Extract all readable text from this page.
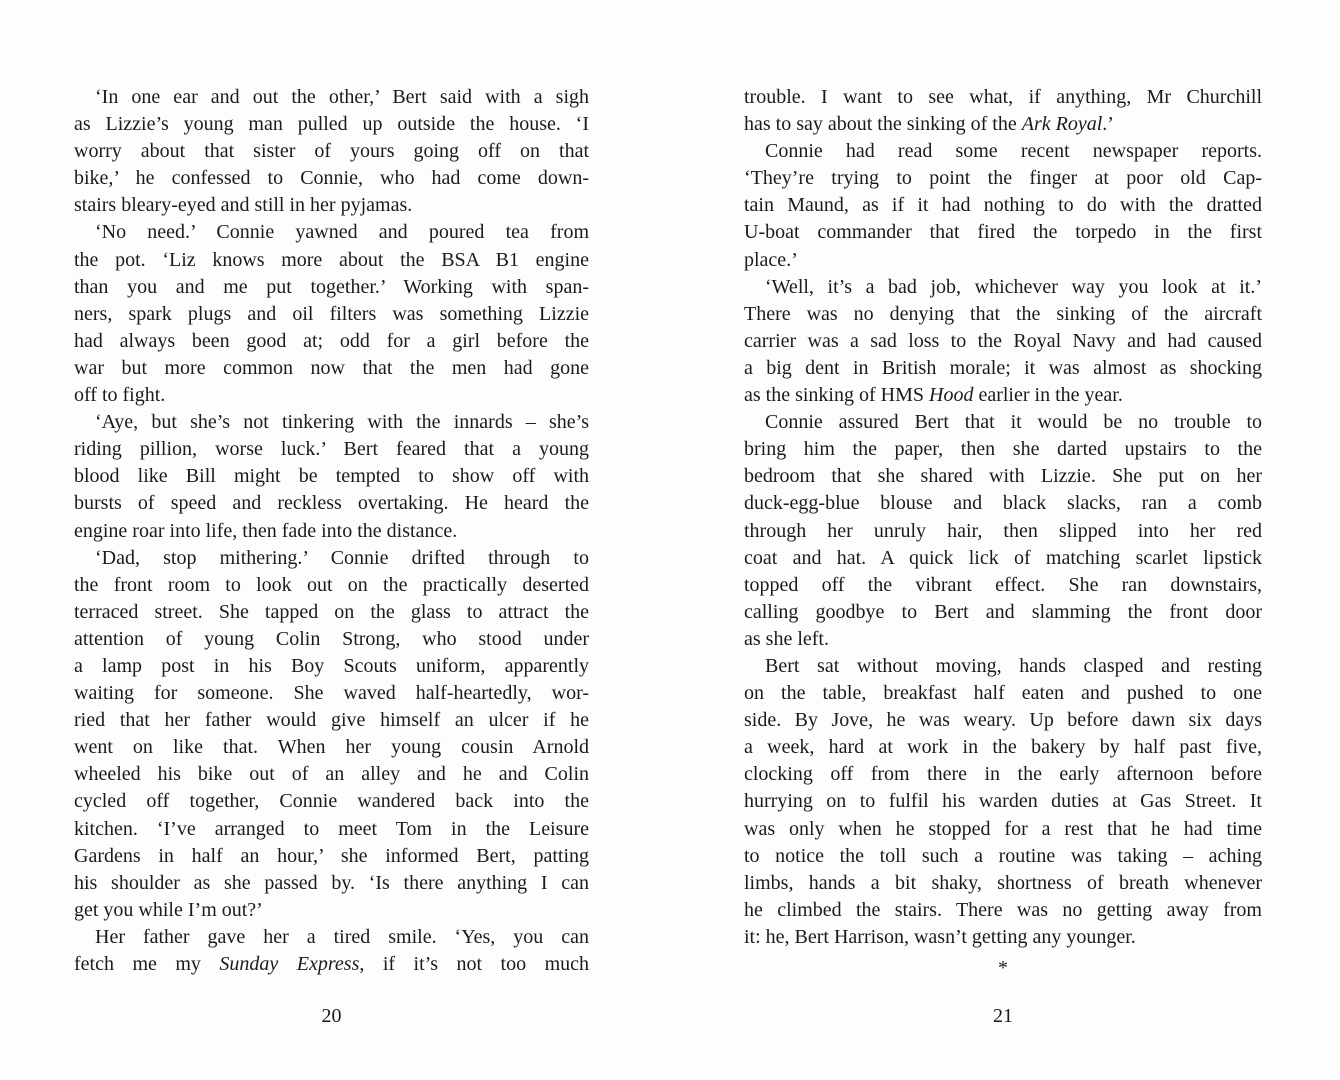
‘In one ear and out the other,’ Bert said with a sigh
as Lizzie’s young man pulled up outside the house. ‘I
worry about that sister of yours going off on that
bike,’ he confessed to Connie, who had come down-
stairs bleary-eyed and still in her pyjamas.
‘No need.’ Connie yawned and poured tea from
the pot. ‘Liz knows more about the BSA B1 engine
than you and me put together.’ Working with span-
ners, spark plugs and oil filters was something Lizzie
had always been good at; odd for a girl before the
war but more common now that the men had gone
off to fight.
‘Aye, but she’s not tinkering with the innards – she’s
riding pillion, worse luck.’ Bert feared that a young
blood like Bill might be tempted to show off with
bursts of speed and reckless overtaking. He heard the
engine roar into life, then fade into the distance.
‘Dad, stop mithering.’ Connie drifted through to
the front room to look out on the practically deserted
terraced street. She tapped on the glass to attract the
attention of young Colin Strong, who stood under
a lamp post in his Boy Scouts uniform, apparently
waiting for someone. She waved half-heartedly, wor-
ried that her father would give himself an ulcer if he
went on like that. When her young cousin Arnold
wheeled his bike out of an alley and he and Colin
cycled off together, Connie wandered back into the
kitchen. ‘I’ve arranged to meet Tom in the Leisure
Gardens in half an hour,’ she informed Bert, patting
his shoulder as she passed by. ‘Is there anything I can
get you while I’m out?’
Her father gave her a tired smile. ‘Yes, you can
fetch me my Sunday Express, if it’s not too much
20
trouble. I want to see what, if anything, Mr Churchill
has to say about the sinking of the Ark Royal.’
Connie had read some recent newspaper reports.
‘They’re trying to point the finger at poor old Cap-
tain Maund, as if it had nothing to do with the dratted
U-boat commander that fired the torpedo in the first
place.’
‘Well, it’s a bad job, whichever way you look at it.’
There was no denying that the sinking of the aircraft
carrier was a sad loss to the Royal Navy and had caused
a big dent in British morale; it was almost as shocking
as the sinking of HMS Hood earlier in the year.
Connie assured Bert that it would be no trouble to
bring him the paper, then she darted upstairs to the
bedroom that she shared with Lizzie. She put on her
duck-egg-blue blouse and black slacks, ran a comb
through her unruly hair, then slipped into her red
coat and hat. A quick lick of matching scarlet lipstick
topped off the vibrant effect. She ran downstairs,
calling goodbye to Bert and slamming the front door
as she left.
Bert sat without moving, hands clasped and resting
on the table, breakfast half eaten and pushed to one
side. By Jove, he was weary. Up before dawn six days
a week, hard at work in the bakery by half past five,
clocking off from there in the early afternoon before
hurrying on to fulfil his warden duties at Gas Street. It
was only when he stopped for a rest that he had time
to notice the toll such a routine was taking – aching
limbs, hands a bit shaky, shortness of breath whenever
he climbed the stairs. There was no getting away from
it: he, Bert Harrison, wasn’t getting any younger.
*
21
